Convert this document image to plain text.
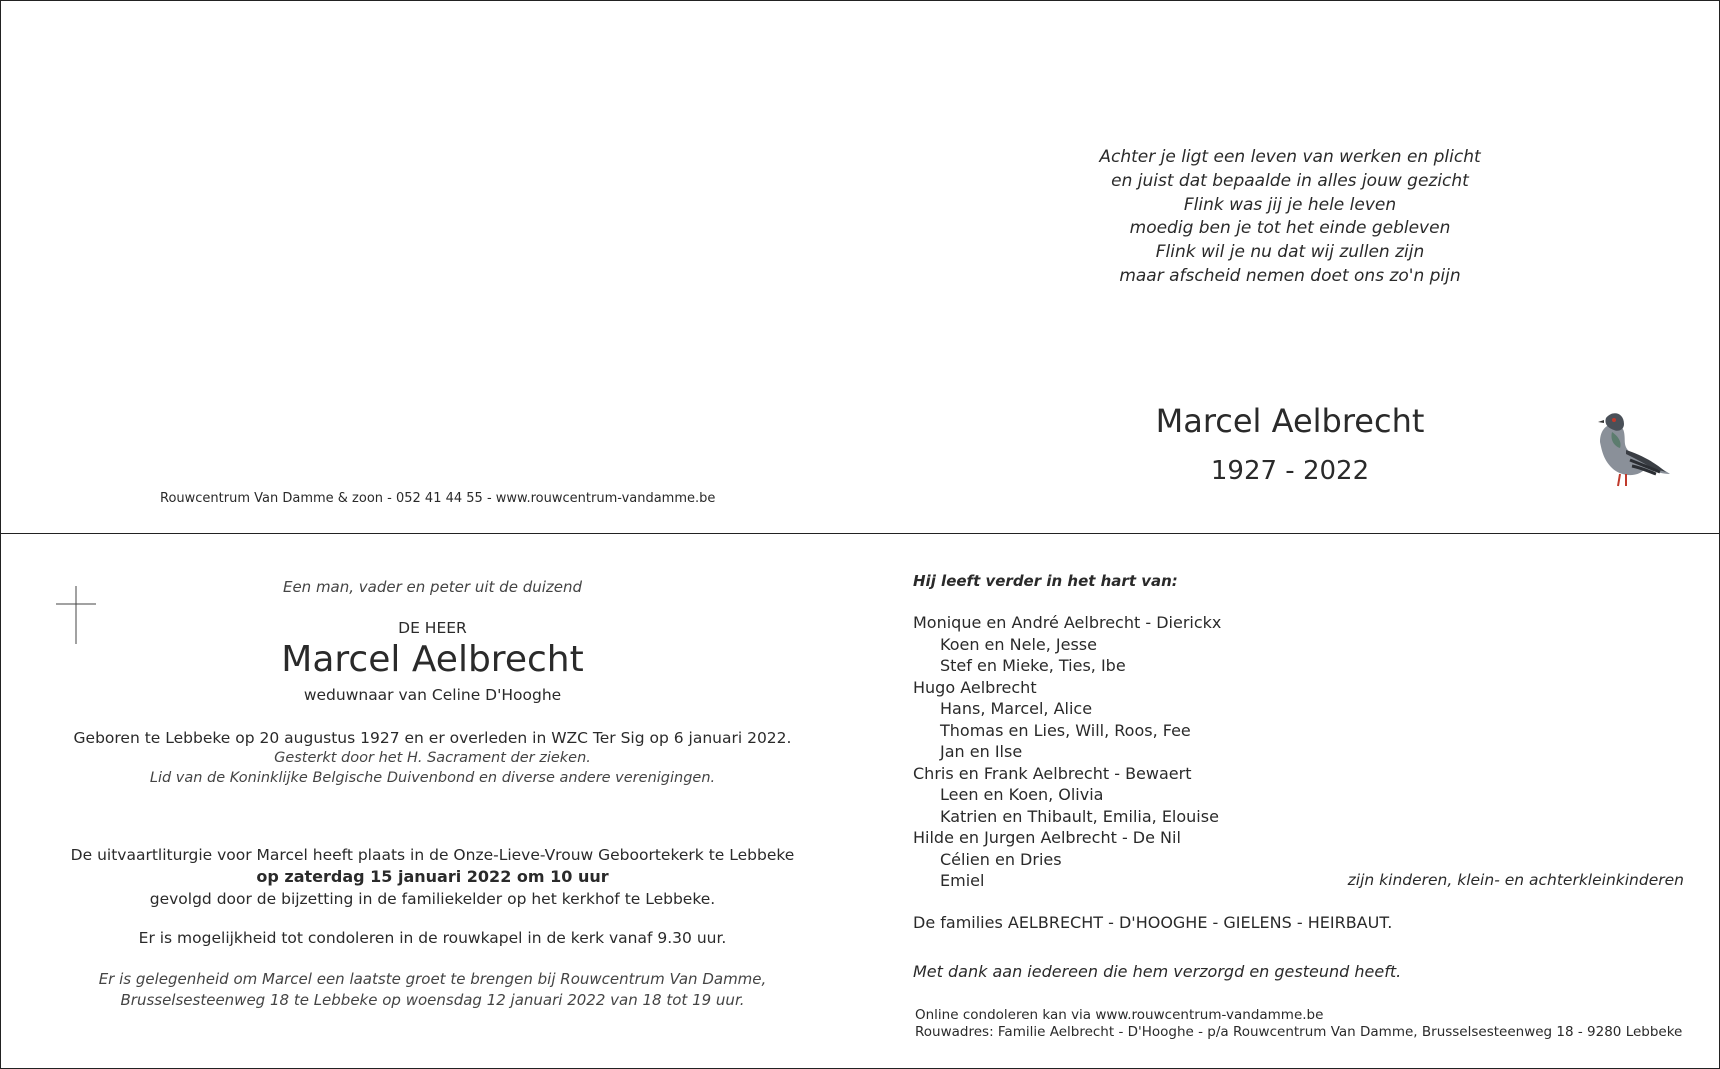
Achter je ligt een leven van werken en plicht
en juist dat bepaalde in alles jouw gezicht
Flink was jij je hele leven
moedig ben je tot het einde gebleven
Flink wil je nu dat wij zullen zijn
maar afscheid nemen doet ons zo'n pijn
Marcel Aelbrecht
1927 - 2022
Rouwcentrum Van Damme & zoon - 052 41 44 55 - www.rouwcentrum-vandamme.be
Een man, vader en peter uit de duizend
DE HEER
Marcel Aelbrecht
weduwnaar van Celine D'Hooghe
Geboren te Lebbeke op 20 augustus 1927 en er overleden in WZC Ter Sig op 6 januari 2022.
Gesterkt door het H. Sacrament der zieken.
Lid van de Koninklijke Belgische Duivenbond en diverse andere verenigingen.
De uitvaartliturgie voor Marcel heeft plaats in de Onze-Lieve-Vrouw Geboortekerk te Lebbeke
op zaterdag 15 januari 2022 om 10 uur
gevolgd door de bijzetting in de familiekelder op het kerkhof te Lebbeke.
Er is mogelijkheid tot condoleren in de rouwkapel in de kerk vanaf 9.30 uur.
Er is gelegenheid om Marcel een laatste groet te brengen bij Rouwcentrum Van Damme,
Brusselsesteenweg 18 te Lebbeke op woensdag 12 januari 2022 van 18 tot 19 uur.
Hij leeft verder in het hart van:
Monique en André Aelbrecht - Dierickx
Koen en Nele, Jesse
Stef en Mieke, Ties, Ibe
Hugo Aelbrecht
Hans, Marcel, Alice
Thomas en Lies, Will, Roos, Fee
Jan en Ilse
Chris en Frank Aelbrecht - Bewaert
Leen en Koen, Olivia
Katrien en Thibault, Emilia, Elouise
Hilde en Jurgen Aelbrecht - De Nil
Célien en Dries
Emiel	zijn kinderen, klein- en achterkleinkinderen
De families AELBRECHT - D'HOOGHE - GIELENS - HEIRBAUT.
Met dank aan iedereen die hem verzorgd en gesteund heeft.
Online condoleren kan via www.rouwcentrum-vandamme.be
Rouwadres: Familie Aelbrecht - D'Hooghe - p/a Rouwcentrum Van Damme, Brusselsesteenweg 18 - 9280 Lebbeke
